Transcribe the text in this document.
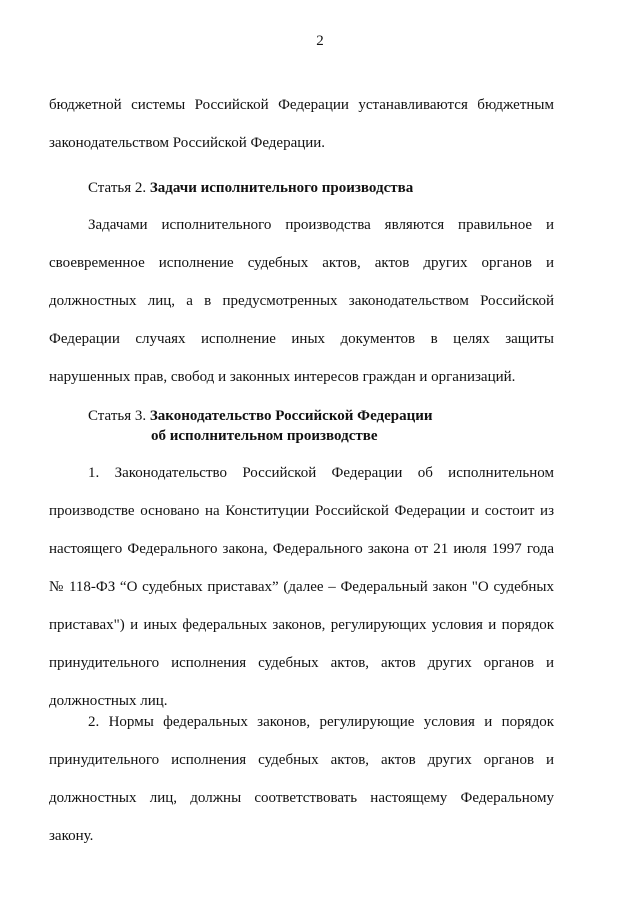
2
бюджетной системы Российской Федерации устанавливаются бюджетным
законодательством Российской Федерации.
Статья 2. Задачи исполнительного производства
Задачами исполнительного производства являются правильное и
своевременное исполнение судебных актов, актов других органов и
должностных лиц, а в предусмотренных законодательством Российской
Федерации случаях исполнение иных документов в целях защиты
нарушенных прав, свобод и законных интересов граждан и организаций.
Статья 3. Законодательство Российской Федерации
об исполнительном производстве
1. Законодательство Российской Федерации об исполнительном
производстве основано на Конституции Российской Федерации и состоит из
настоящего Федерального закона, Федерального закона от 21 июля 1997 года
№ 118-ФЗ “О судебных приставах” (далее – Федеральный закон "О судебных
приставах") и иных федеральных законов, регулирующих условия и порядок
принудительного исполнения судебных актов, актов других органов и
должностных лиц.
2. Нормы федеральных законов, регулирующие условия и порядок
принудительного исполнения судебных актов, актов других органов и
должностных лиц, должны соответствовать настоящему Федеральному
закону.
